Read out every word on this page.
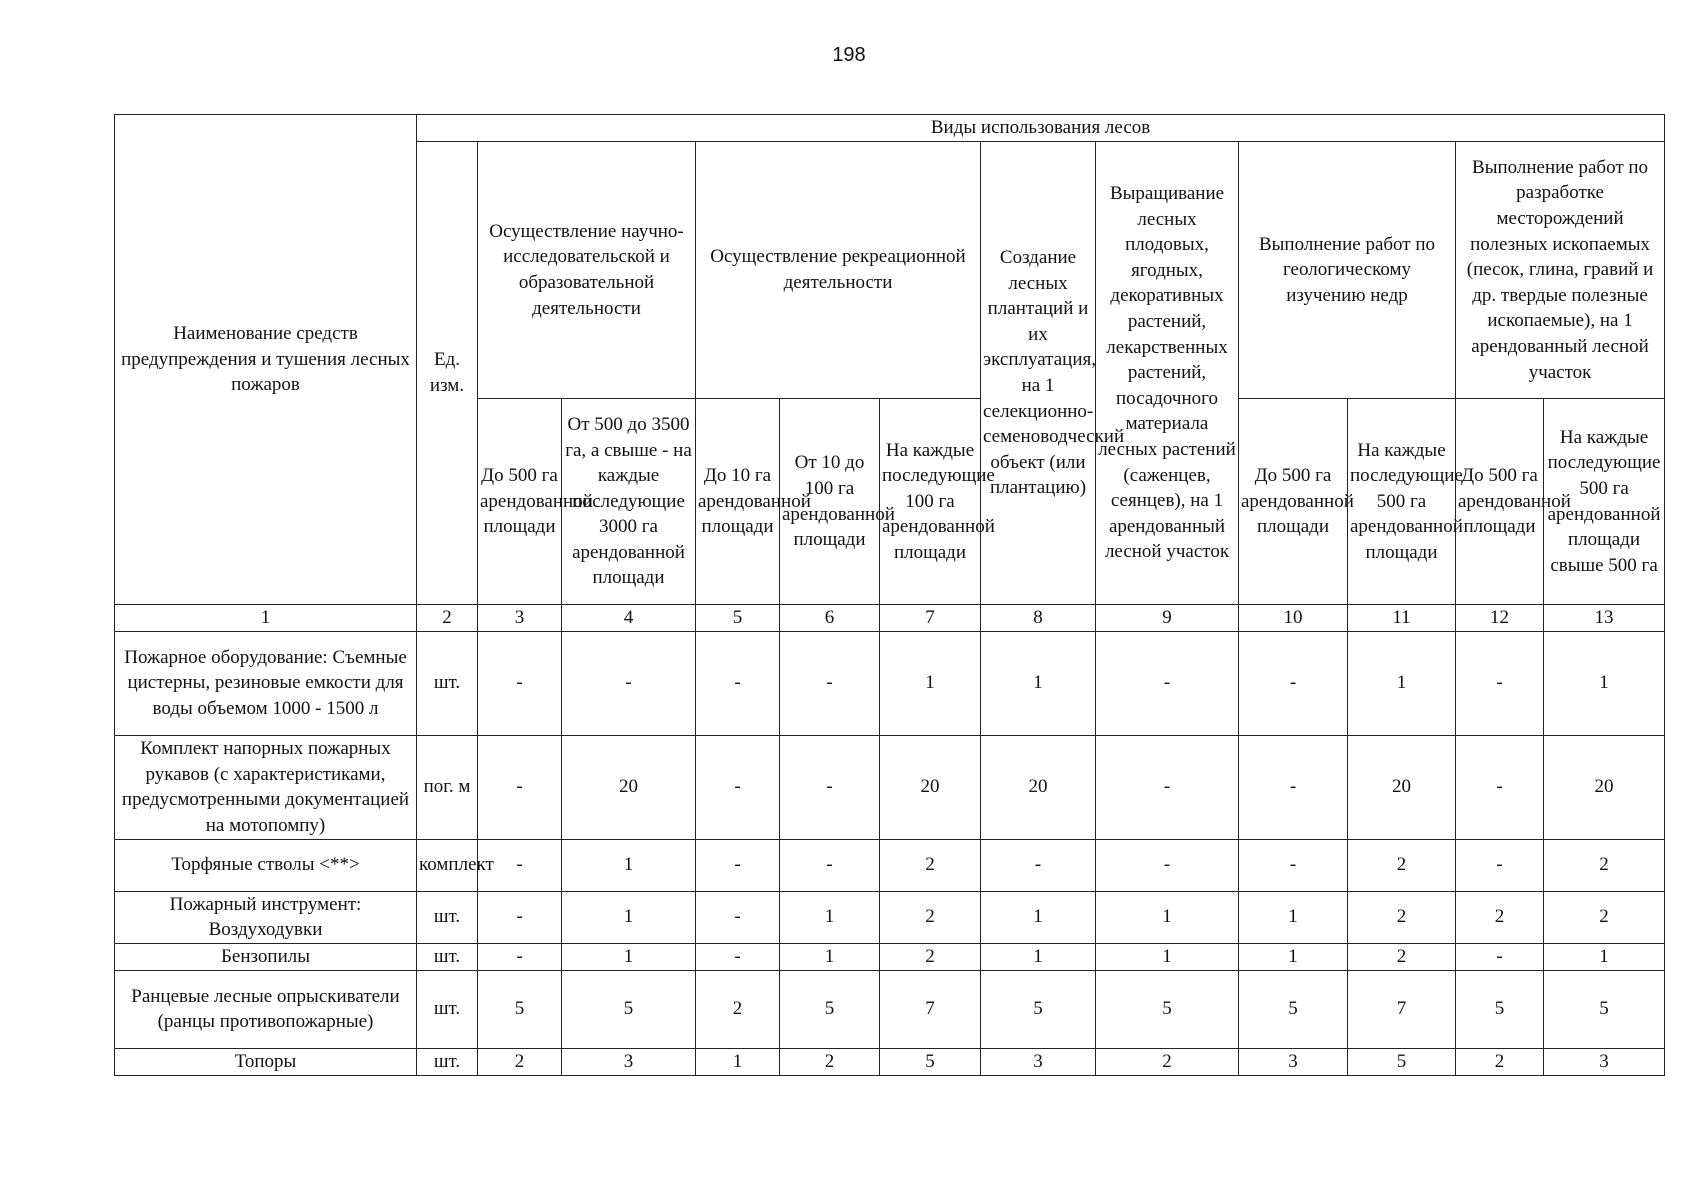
198
Наименование средств предупреждения и тушения лесных пожаров	Виды использования лесов											
	Ед. изм.	Осуществление научно-исследовательской и образовательной деятельности		Осуществление рекреационной деятельности			Создание лесных плантаций и их эксплуатация, на 1 селекционно-семеноводческий объект (или плантацию)	Выращивание лесных плодовых, ягодных, декоративных растений, лекарственных растений, посадочного материала лесных растений (саженцев, сеянцев), на 1 арендованный лесной участок	Выполнение работ по геологическому изучению недр		Выполнение работ по разработке месторождений полезных ископаемых (песок, глина, гравий и др. твердые полезные ископаемые), на 1 арендованный лесной участок	
		До 500 га арендованной площади	От 500 до 3500 га, а свыше - на каждые последующие 3000 га арендованной площади	До 10 га арендованной площади	От 10 до 100 га арендованной площади	На каждые последующие 100 га арендованной площади			До 500 га арендованной площади	На каждые последующие 500 га арендованной площади	До 500 га арендованной площади	На каждые последующие 500 га арендованной площади свыше 500 га
1	2	3	4	5	6	7	8	9	10	11	12	13
Пожарное оборудование: Съемные цистерны, резиновые емкости для воды объемом 1000 - 1500 л	шт.	-	-	-	-	1	1	-	-	1	-	1
Комплект напорных пожарных рукавов (с характеристиками, предусмотренными документацией на мотопомпу)	пог. м	-	20	-	-	20	20	-	-	20	-	20
Торфяные стволы <**>	комплект	-	1	-	-	2	-	-	-	2	-	2
Пожарный инструмент: Воздуходувки	шт.	-	1	-	1	2	1	1	1	2	2	2
Бензопилы	шт.	-	1	-	1	2	1	1	1	2	-	1
Ранцевые лесные опрыскиватели (ранцы противопожарные)	шт.	5	5	2	5	7	5	5	5	7	5	5
Топоры	шт.	2	3	1	2	5	3	2	3	5	2	3
